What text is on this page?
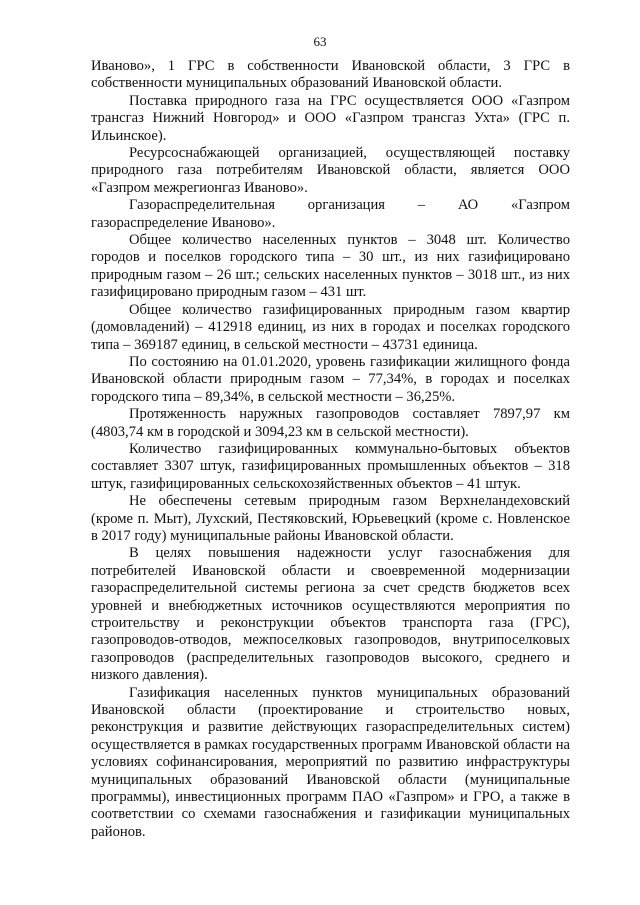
63

Иваново», 1 ГРС в собственности Ивановской области, 3 ГРС в собственности муниципальных образований Ивановской области.

Поставка природного газа на ГРС осуществляется ООО «Газпром трансгаз Нижний Новгород» и ООО «Газпром трансгаз Ухта» (ГРС п. Ильинское).

Ресурсоснабжающей организацией, осуществляющей поставку природного газа потребителям Ивановской области, является ООО «Газпром межрегионгаз Иваново».

Газораспределительная организация – АО «Газпром газораспределение Иваново».

Общее количество населенных пунктов – 3048 шт. Количество городов и поселков городского типа – 30 шт., из них газифицировано природным газом – 26 шт.; сельских населенных пунктов – 3018 шт., из них газифицировано природным газом – 431 шт.

Общее количество газифицированных природным газом квартир (домовладений) – 412918 единиц, из них в городах и поселках городского типа – 369187 единиц, в сельской местности – 43731 единица.

По состоянию на 01.01.2020, уровень газификации жилищного фонда Ивановской области природным газом – 77,34%, в городах и поселках городского типа – 89,34%, в сельской местности – 36,25%.

Протяженность наружных газопроводов составляет 7897,97 км (4803,74 км в городской и 3094,23 км в сельской местности).

Количество газифицированных коммунально-бытовых объектов составляет 3307 штук, газифицированных промышленных объектов – 318 штук, газифицированных сельскохозяйственных объектов – 41 штук.

Не обеспечены сетевым природным газом Верхнеландеховский (кроме п. Мыт), Лухский, Пестяковский, Юрьевецкий (кроме с. Новленское в 2017 году) муниципальные районы Ивановской области.

В целях повышения надежности услуг газоснабжения для потребителей Ивановской области и своевременной модернизации газораспределительной системы региона за счет средств бюджетов всех уровней и внебюджетных источников осуществляются мероприятия по строительству и реконструкции объектов транспорта газа (ГРС), газопроводов-отводов, межпоселковых газопроводов, внутрипоселковых газопроводов (распределительных газопроводов высокого, среднего и низкого давления).

Газификация населенных пунктов муниципальных образований Ивановской области (проектирование и строительство новых, реконструкция и развитие действующих газораспределительных систем) осуществляется в рамках государственных программ Ивановской области на условиях софинансирования, мероприятий по развитию инфраструктуры муниципальных образований Ивановской области (муниципальные программы), инвестиционных программ ПАО «Газпром» и ГРО, а также в соответствии со схемами газоснабжения и газификации муниципальных районов.
